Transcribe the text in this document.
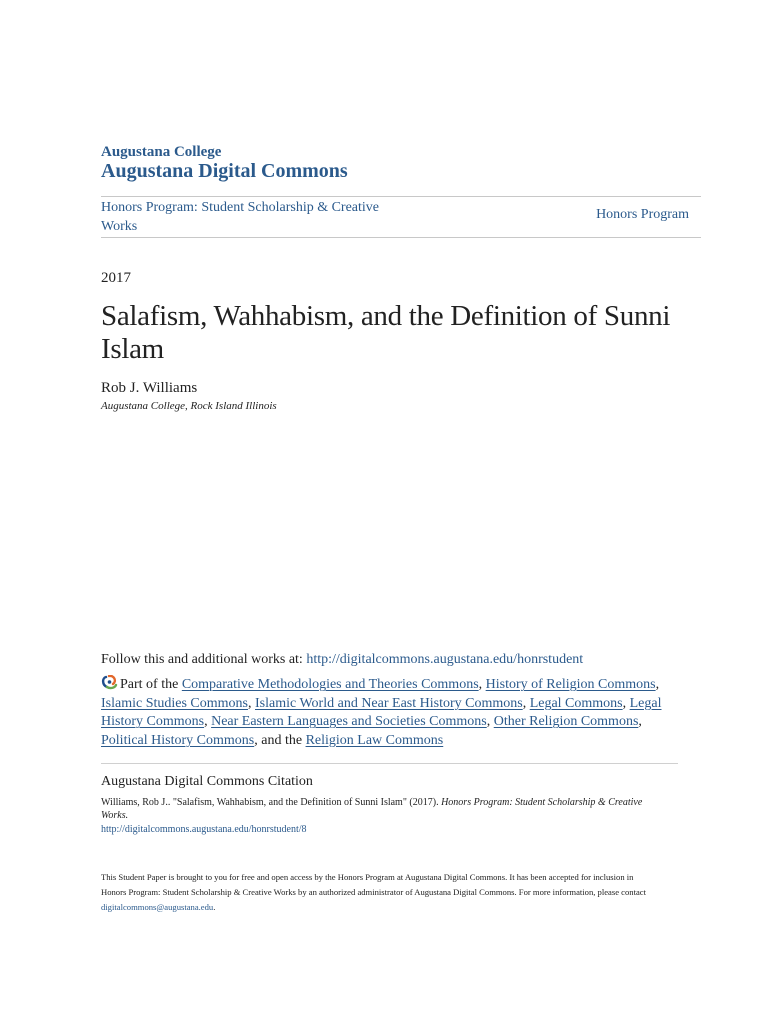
Augustana College
Augustana Digital Commons
Honors Program: Student Scholarship & Creative Works
Honors Program
2017
Salafism, Wahhabism, and the Definition of Sunni Islam
Rob J. Williams
Augustana College, Rock Island Illinois
Follow this and additional works at: http://digitalcommons.augustana.edu/honrstudent
Part of the Comparative Methodologies and Theories Commons, History of Religion Commons, Islamic Studies Commons, Islamic World and Near East History Commons, Legal Commons, Legal History Commons, Near Eastern Languages and Societies Commons, Other Religion Commons, Political History Commons, and the Religion Law Commons
Augustana Digital Commons Citation
Williams, Rob J.. "Salafism, Wahhabism, and the Definition of Sunni Islam" (2017). Honors Program: Student Scholarship & Creative Works.
http://digitalcommons.augustana.edu/honrstudent/8
This Student Paper is brought to you for free and open access by the Honors Program at Augustana Digital Commons. It has been accepted for inclusion in Honors Program: Student Scholarship & Creative Works by an authorized administrator of Augustana Digital Commons. For more information, please contact digitalcommons@augustana.edu.
